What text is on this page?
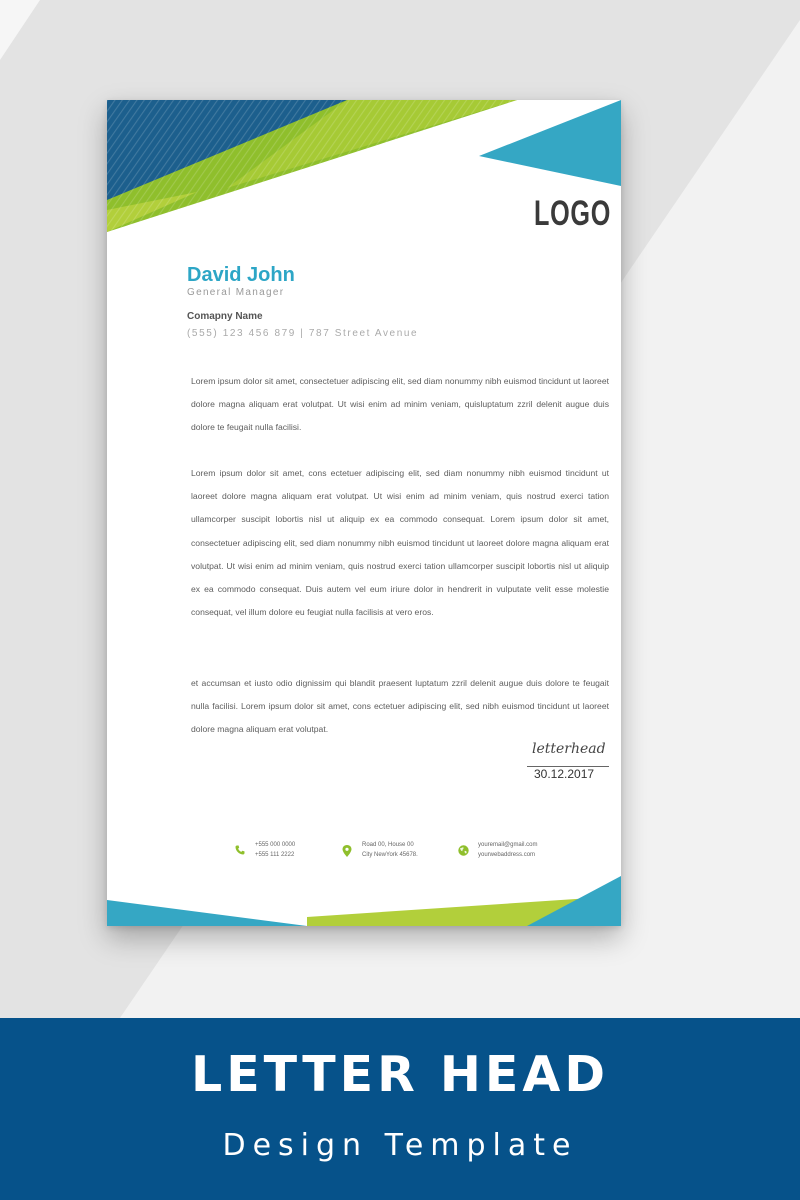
LOGO
David John
General Manager
Comapny Name
(555) 123 456 879 | 787 Street Avenue

Lorem ipsum dolor sit amet, consectetuer adipiscing elit, sed diam nonummy nibh euismod tincidunt ut laoreet dolore magna aliquam erat volutpat. Ut wisi enim ad minim veniam, quisluptatum zzril delenit augue duis dolore te feugait nulla facilisi.

Lorem ipsum dolor sit amet, cons ectetuer adipiscing elit, sed diam nonummy nibh euismod tincidunt ut laoreet dolore magna aliquam erat volutpat. Ut wisi enim ad minim veniam, quis nostrud exerci tation ullamcorper suscipit lobortis nisl ut aliquip ex ea commodo consequat. Lorem ipsum dolor sit amet, consectetuer adipiscing elit, sed diam nonummy nibh euismod tincidunt ut laoreet dolore magna aliquam erat volutpat. Ut wisi enim ad minim veniam, quis nostrud exerci tation ullamcorper suscipit lobortis nisl ut aliquip ex ea commodo consequat. Duis autem vel eum iriure dolor in hendrerit in vulputate velit esse molestie consequat, vel illum dolore eu feugiat nulla facilisis at vero eros.

et accumsan et iusto odio dignissim qui blandit praesent luptatum zzril delenit augue duis dolore te feugait nulla facilisi. Lorem ipsum dolor sit amet, cons ectetuer adipiscing elit, sed nibh euismod tincidunt ut laoreet dolore magna aliquam erat volutpat.

letterhead
30.12.2017
+555 000 0000
+555 111 2222
Road 00, House 00
City NewYork 45678.
youremail@gmail.com
yourwebaddress.com
LETTER HEAD
Design Template
